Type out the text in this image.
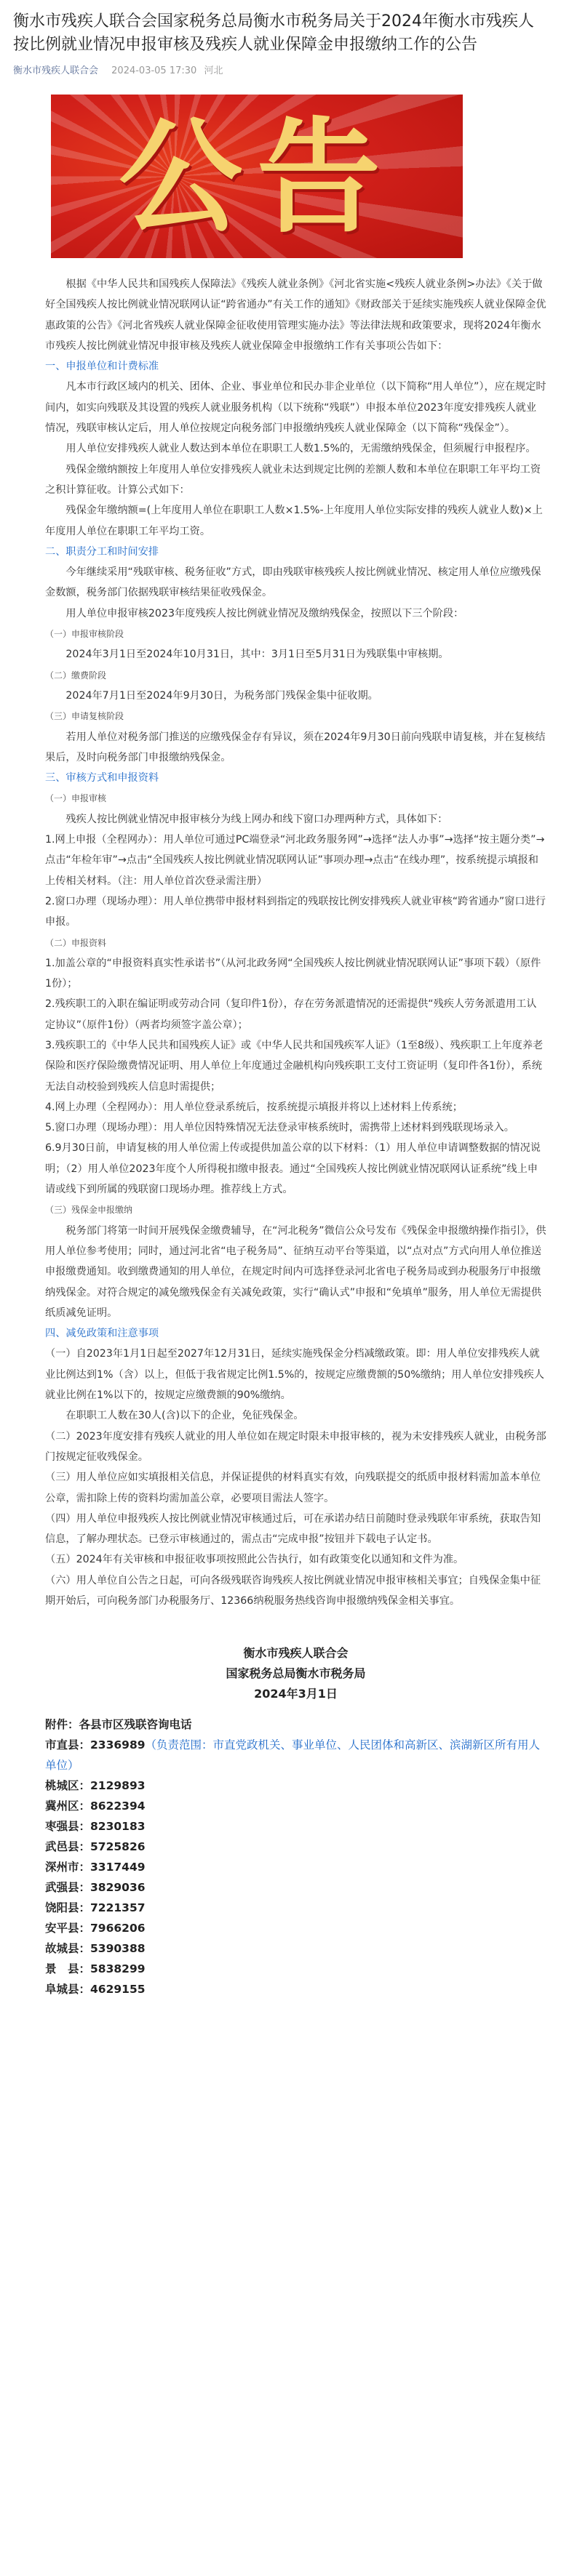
衡水市残疾人联合会国家税务总局衡水市税务局关于2024年衡水市残疾人按比例就业情况申报审核及残疾人就业保障金申报缴纳工作的公告
衡水市残疾人联合会 2024-03-05 17:30 河北
公告

根据《中华人民共和国残疾人保障法》《残疾人就业条例》《河北省实施<残疾人就业条例>办法》《关于做好全国残疾人按比例就业情况联网认证“跨省通办”有关工作的通知》《财政部关于延续实施残疾人就业保障金优惠政策的公告》《河北省残疾人就业保障金征收使用管理实施办法》等法律法规和政策要求，现将2024年衡水市残疾人按比例就业情况申报审核及残疾人就业保障金申报缴纳工作有关事项公告如下：

一、申报单位和计费标准

凡本市行政区域内的机关、团体、企业、事业单位和民办非企业单位（以下简称“用人单位”），应在规定时间内，如实向残联及其设置的残疾人就业服务机构（以下统称“残联”）申报本单位2023年度安排残疾人就业情况，残联审核认定后，用人单位按规定向税务部门申报缴纳残疾人就业保障金（以下简称“残保金”）。

用人单位安排残疾人就业人数达到本单位在职职工人数1.5%的，无需缴纳残保金，但须履行申报程序。

残保金缴纳额按上年度用人单位安排残疾人就业未达到规定比例的差额人数和本单位在职职工年平均工资之积计算征收。计算公式如下：

残保金年缴纳额=(上年度用人单位在职职工人数×1.5%-上年度用人单位实际安排的残疾人就业人数)×上年度用人单位在职职工年平均工资。

二、职责分工和时间安排

今年继续采用“残联审核、税务征收”方式，即由残联审核残疾人按比例就业情况、核定用人单位应缴残保金数额，税务部门依据残联审核结果征收残保金。

用人单位申报审核2023年度残疾人按比例就业情况及缴纳残保金，按照以下三个阶段：

（一）申报审核阶段

2024年3月1日至2024年10月31日，其中：3月1日至5月31日为残联集中审核期。

（二）缴费阶段

2024年7月1日至2024年9月30日，为税务部门残保金集中征收期。

（三）申请复核阶段

若用人单位对税务部门推送的应缴残保金存有异议，须在2024年9月30日前向残联申请复核，并在复核结果后，及时向税务部门申报缴纳残保金。

三、审核方式和申报资料

（一）申报审核

残疾人按比例就业情况申报审核分为线上网办和线下窗口办理两种方式，具体如下：

1.网上申报（全程网办）：用人单位可通过PC端登录“河北政务服务网”→选择“法人办事”→选择“按主题分类”→点击“年检年审”→点击“全国残疾人按比例就业情况联网认证”事项办理→点击“在线办理”，按系统提示填报和上传相关材料。（注：用人单位首次登录需注册）

2.窗口办理（现场办理）：用人单位携带申报材料到指定的残联按比例安排残疾人就业审核“跨省通办”窗口进行申报。

（二）申报资料

1.加盖公章的“申报资料真实性承诺书”（从河北政务网“全国残疾人按比例就业情况联网认证”事项下载）（原件1份）；

2.残疾职工的入职在编证明或劳动合同（复印件1份），存在劳务派遣情况的还需提供“残疾人劳务派遣用工认定协议”（原件1份）（两者均须签字盖公章）；

3.残疾职工的《中华人民共和国残疾人证》或《中华人民共和国残疾军人证》（1至8级）、残疾职工上年度养老保险和医疗保险缴费情况证明、用人单位上年度通过金融机构向残疾职工支付工资证明（复印件各1份），系统无法自动校验到残疾人信息时需提供；

4.网上办理（全程网办）：用人单位登录系统后，按系统提示填报并将以上述材料上传系统；

5.窗口办理（现场办理）：用人单位因特殊情况无法登录审核系统时，需携带上述材料到残联现场录入。

6.9月30日前，申请复核的用人单位需上传或提供加盖公章的以下材料：（1）用人单位申请调整数据的情况说明；（2）用人单位2023年度个人所得税扣缴申报表。通过“全国残疾人按比例就业情况联网认证系统”线上申请或线下到所属的残联窗口现场办理。推荐线上方式。

（三）残保金申报缴纳

税务部门将第一时间开展残保金缴费辅导，在“河北税务”微信公众号发布《残保金申报缴纳操作指引》，供用人单位参考使用；同时，通过河北省“电子税务局”、征纳互动平台等渠道，以“点对点”方式向用人单位推送申报缴费通知。收到缴费通知的用人单位，在规定时间内可选择登录河北省电子税务局或到办税服务厅申报缴纳残保金。对符合规定的减免缴残保金有关减免政策，实行“确认式”申报和“免填单”服务，用人单位无需提供纸质减免证明。

四、减免政策和注意事项

（一）自2023年1月1日起至2027年12月31日，延续实施残保金分档减缴政策。即：用人单位安排残疾人就业比例达到1%（含）以上，但低于我省规定比例1.5%的，按规定应缴费额的50%缴纳；用人单位安排残疾人就业比例在1%以下的，按规定应缴费额的90%缴纳。

在职职工人数在30人(含)以下的企业，免征残保金。

（二）2023年度安排有残疾人就业的用人单位如在规定时限未申报审核的，视为未安排残疾人就业，由税务部门按规定征收残保金。

（三）用人单位应如实填报相关信息，并保证提供的材料真实有效，向残联提交的纸质申报材料需加盖本单位公章，需扣除上传的资料均需加盖公章，必要项目需法人签字。

（四）用人单位申报残疾人按比例就业情况审核通过后，可在承诺办结日前随时登录残联年审系统，获取告知信息，了解办理状态。已登示审核通过的，需点击“完成申报”按钮并下载电子认定书。

（五）2024年有关审核和申报征收事项按照此公告执行，如有政策变化以通知和文件为准。

（六）用人单位自公告之日起，可向各级残联咨询残疾人按比例就业情况申报审核相关事宜；自残保金集中征期开始后，可向税务部门办税服务厅、12366纳税服务热线咨询申报缴纳残保金相关事宜。

衡水市残疾人联合会
国家税务总局衡水市税务局
2024年3月1日
附件：各县市区残联咨询电话
市直县：2336989（负责范围：市直党政机关、事业单位、人民团体和高新区、滨湖新区所有用人单位）
桃城区：2129893
冀州区：8622394
枣强县：8230183
武邑县：5725826
深州市：3317449
武强县：3829036
饶阳县：7221357
安平县：7966206
故城县：5390388
景　县：5838299
阜城县：4629155
